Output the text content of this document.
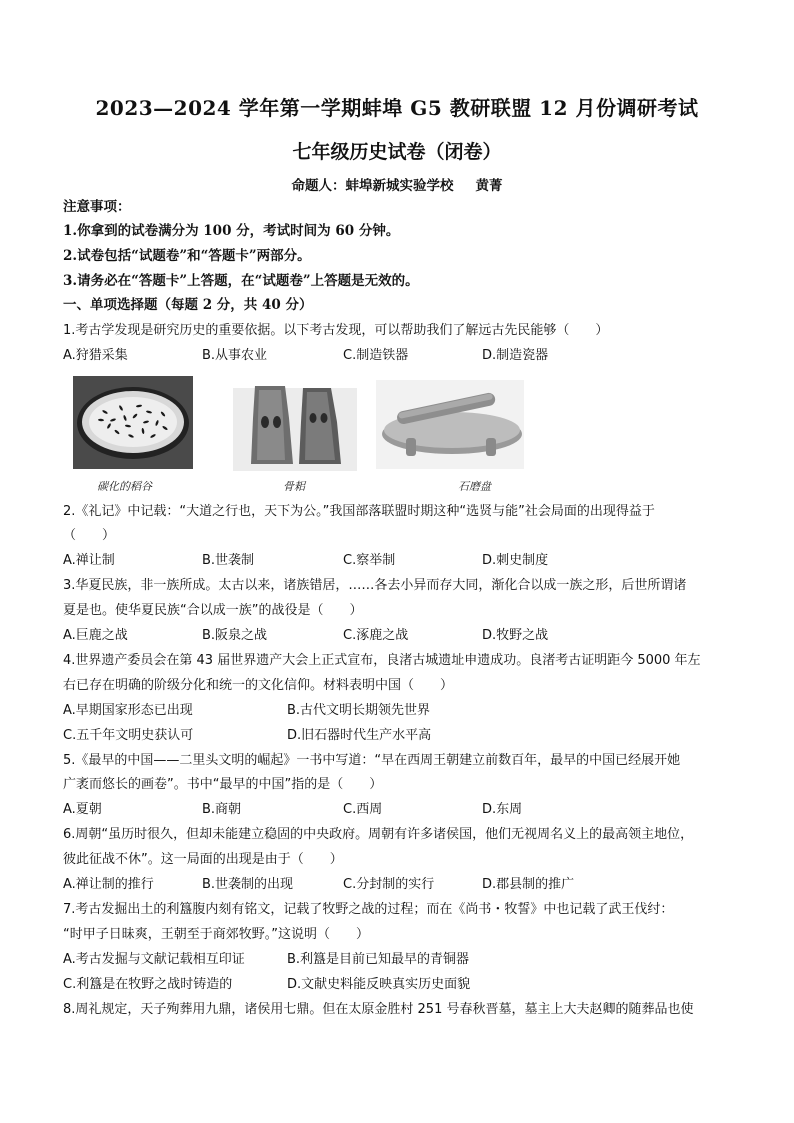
2023—2024 学年第一学期蚌埠 G5 教研联盟 12 月份调研考试
七年级历史试卷（闭卷）
命题人：蚌埠新城实验学校 黄菁
注意事项：
1.你拿到的试卷满分为 100 分，考试时间为 60 分钟。
2.试卷包括“试题卷”和“答题卡”两部分。
3.请务必在“答题卡”上答题，在“试题卷”上答题是无效的。
一、单项选择题（每题 2 分，共 40 分）
1.考古学发现是研究历史的重要依据。以下考古发现，可以帮助我们了解远古先民能够（　　）
A.狩猎采集	B.从事农业	C.制造铁器	D.制造瓷器
碳化的稻谷	骨耜	石磨盘
2.《礼记》中记载：“大道之行也，天下为公。”我国部落联盟时期这种“选贤与能”社会局面的出现得益于
（　　）
A.禅让制	B.世袭制	C.察举制	D.刺史制度
3.华夏民族，非一族所成。太古以来，诸族错居，……各去小异而存大同，渐化合以成一族之形，后世所谓诸
夏是也。使华夏民族“合以成一族”的战役是（　　）
A.巨鹿之战	B.阪泉之战	C.涿鹿之战	D.牧野之战
4.世界遗产委员会在第 43 届世界遗产大会上正式宣布，良渚古城遗址申遗成功。良渚考古证明距今 5000 年左
右已存在明确的阶级分化和统一的文化信仰。材料表明中国（　　）
A.早期国家形态已出现	B.古代文明长期领先世界
C.五千年文明史获认可	D.旧石器时代生产水平高
5.《最早的中国——二里头文明的崛起》一书中写道：“早在西周王朝建立前数百年，最早的中国已经展开她
广袤而悠长的画卷”。书中“最早的中国”指的是（　　）
A.夏朝	B.商朝	C.西周	D.东周
6.周朝“虽历时很久，但却未能建立稳固的中央政府。周朝有许多诸侯国，他们无视周名义上的最高领主地位，
彼此征战不休”。这一局面的出现是由于（　　）
A.禅让制的推行	B.世袭制的出现	C.分封制的实行	D.郡县制的推广
7.考古发掘出土的利簋腹内刻有铭文，记载了牧野之战的过程；而在《尚书・牧誓》中也记载了武王伐纣：
“时甲子日昧爽，王朝至于商郊牧野。”这说明（　　）
A.考古发掘与文献记载相互印证	B.利簋是目前已知最早的青铜器
C.利簋是在牧野之战时铸造的	D.文献史料能反映真实历史面貌
8.周礼规定，天子殉葬用九鼎，诸侯用七鼎。但在太原金胜村 251 号春秋晋墓，墓主上大夫赵卿的随葬品也使
